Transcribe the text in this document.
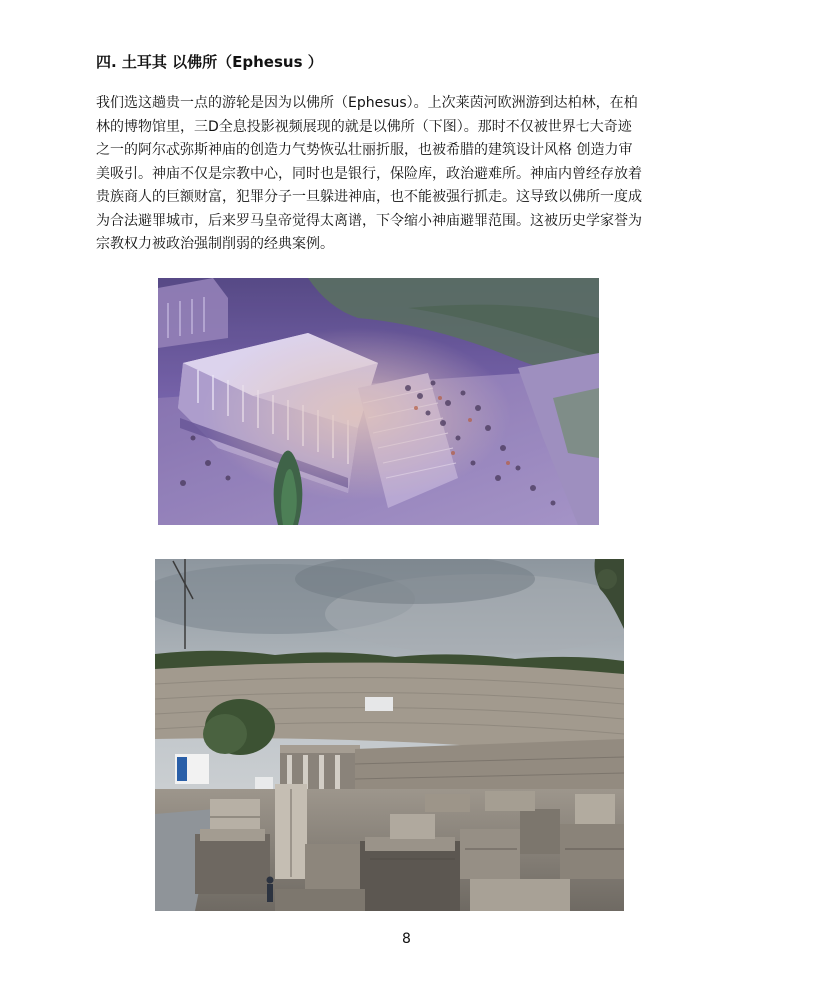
四. 土耳其 以佛所（Ephesus ）

我们选这趟贵一点的游轮是因为以佛所（Ephesus）。上次莱茵河欧洲游到达柏林，在柏
林的博物馆里，三D全息投影视频展现的就是以佛所（下图）。那时不仅被世界七大奇迹
之一的阿尔忒弥斯神庙的创造力气势恢弘壮丽折服，也被希腊的建筑设计风格 创造力审
美吸引。神庙不仅是宗教中心，同时也是银行，保险库，政治避难所。神庙内曾经存放着
贵族商人的巨额财富，犯罪分子一旦躲进神庙，也不能被强行抓走。这导致以佛所一度成
为合法避罪城市，后来罗马皇帝觉得太离谱，下令缩小神庙避罪范围。这被历史学家誉为
宗教权力被政治强制削弱的经典案例。

8
